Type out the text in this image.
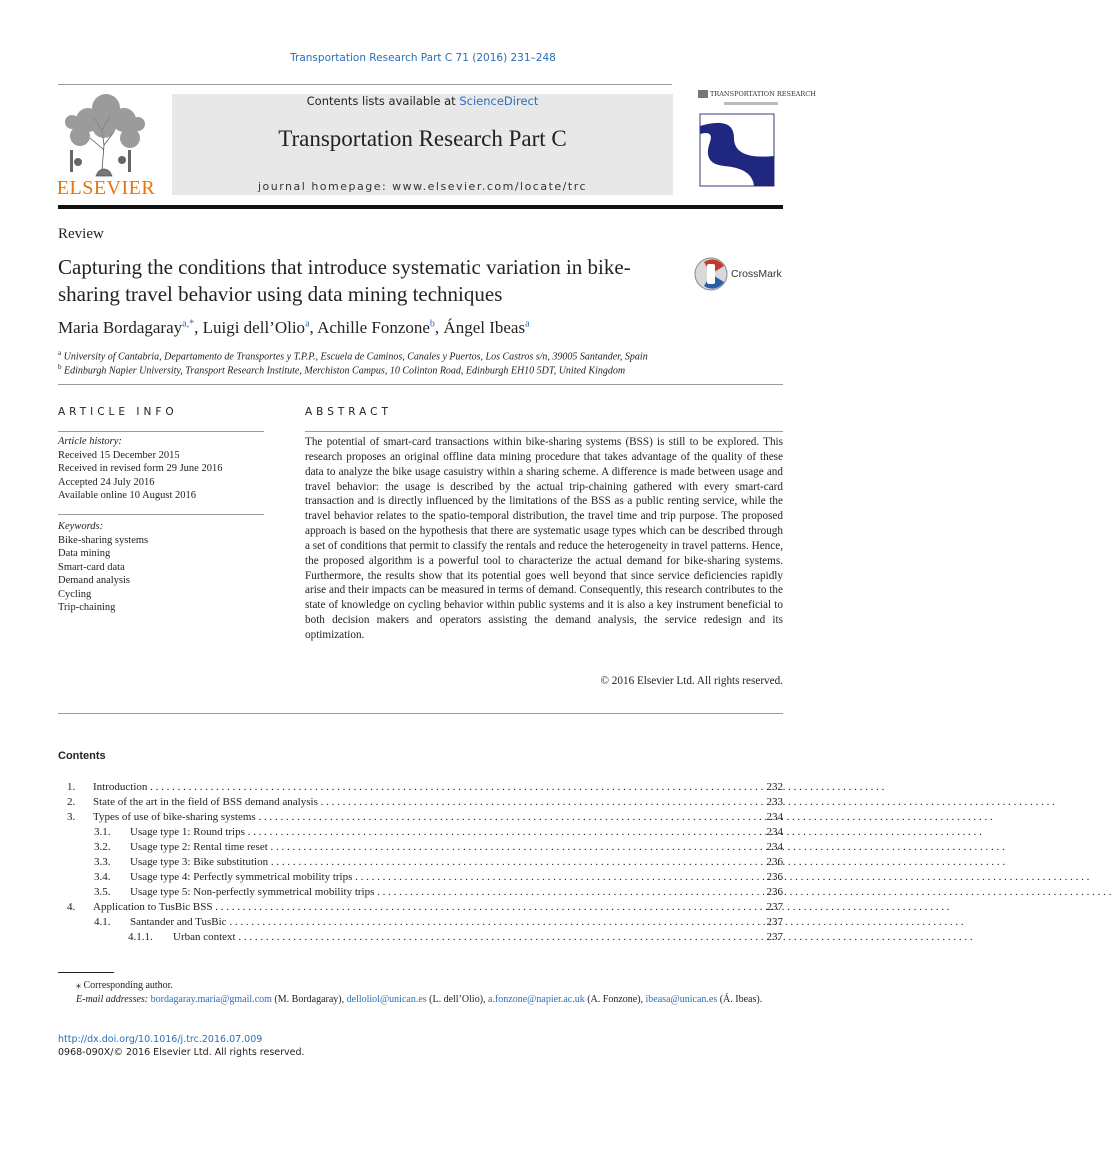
Transportation Research Part C 71 (2016) 231–248
Contents lists available at ScienceDirect
Transportation Research Part C
journal homepage: www.elsevier.com/locate/trc
ELSEVIER
TRANSPORTATION RESEARCH
Review
Capturing the conditions that introduce systematic variation in bike-sharing travel behavior using data mining techniques
CrossMark
Maria Bordagaray$^{a,*}$, Luigi dell’Olio$^a$, Achille Fonzone$^b$, Ángel Ibeas$^a$
$^a$ University of Cantabria, Departamento de Transportes y T.P.P., Escuela de Caminos, Canales y Puertos, Los Castros s/n, 39005 Santander, Spain
$^b$ Edinburgh Napier University, Transport Research Institute, Merchiston Campus, 10 Colinton Road, Edinburgh EH10 5DT, United Kingdom
ARTICLE INFO
Article history:
Received 15 December 2015
Received in revised form 29 June 2016
Accepted 24 July 2016
Available online 10 August 2016
Keywords:
Bike-sharing systems
Data mining
Smart-card data
Demand analysis
Cycling
Trip-chaining
ABSTRACT
The potential of smart-card transactions within bike-sharing systems (BSS) is still to be explored. This research proposes an original offline data mining procedure that takes advantage of the quality of these data to analyze the bike usage casuistry within a sharing scheme. A difference is made between usage and travel behavior: the usage is described by the actual trip-chaining gathered with every smart-card transaction and is directly influenced by the limitations of the BSS as a public renting service, while the travel behavior relates to the spatio-temporal distribution, the travel time and trip purpose. The proposed approach is based on the hypothesis that there are systematic usage types which can be described through a set of conditions that permit to classify the rentals and reduce the heterogeneity in travel patterns. Hence, the proposed algorithm is a powerful tool to characterize the actual demand for bike-sharing systems. Furthermore, the results show that its potential goes well beyond that since service deficiencies rapidly arise and their impacts can be measured in terms of demand. Consequently, this research contributes to the state of knowledge on cycling behavior within public systems and it is also a key instrument beneficial to both decision makers and operators assisting the demand analysis, the service redesign and its optimization.
© 2016 Elsevier Ltd. All rights reserved.
Contents
1. Introduction . . .	232
2. State of the art in the field of BSS demand analysis . . .	233
3. Types of use of bike-sharing systems . . .	234
3.1. Usage type 1: Round trips . . .	234
3.2. Usage type 2: Rental time reset . . .	234
3.3. Usage type 3: Bike substitution . . .	236
3.4. Usage type 4: Perfectly symmetrical mobility trips . . .	236
3.5. Usage type 5: Non-perfectly symmetrical mobility trips . . .	236
4. Application to TusBic BSS . . .	237
4.1. Santander and TusBic . . .	237
4.1.1. Urban context . . .	237
⁎ Corresponding author.
E-mail addresses: bordagaray.maria@gmail.com (M. Bordagaray), delloliol@unican.es (L. dell’Olio), a.fonzone@napier.ac.uk (A. Fonzone), ibeasa@unican.es (Á. Ibeas).
http://dx.doi.org/10.1016/j.trc.2016.07.009
0968-090X/© 2016 Elsevier Ltd. All rights reserved.
